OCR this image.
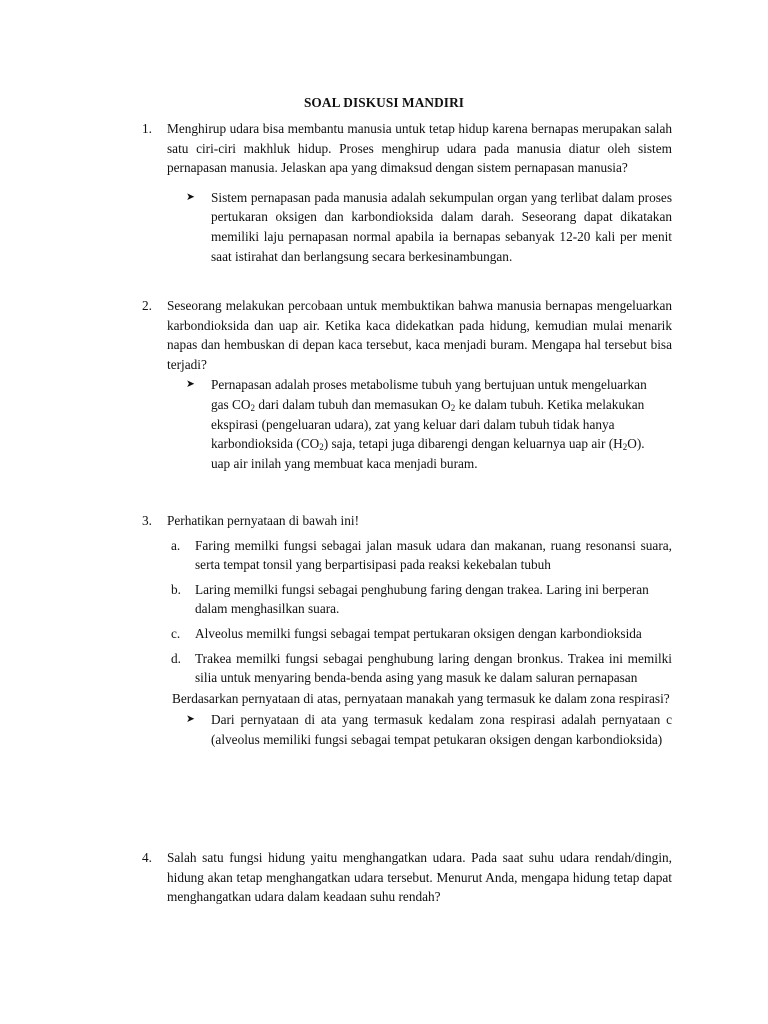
SOAL DISKUSI MANDIRI
1.	Menghirup udara bisa membantu manusia untuk tetap hidup karena bernapas merupakan salah satu ciri-ciri makhluk hidup. Proses menghirup udara pada manusia diatur oleh sistem pernapasan manusia. Jelaskan apa yang dimaksud dengan sistem pernapasan manusia?
➤ Sistem pernapasan pada manusia adalah sekumpulan organ yang terlibat dalam proses pertukaran oksigen dan karbondioksida dalam darah. Seseorang dapat dikatakan memiliki laju pernapasan normal apabila ia bernapas sebanyak 12-20 kali per menit saat istirahat dan berlangsung secara berkesinambungan.
2.	Seseorang melakukan percobaan untuk membuktikan bahwa manusia bernapas mengeluarkan karbondioksida dan uap air. Ketika kaca didekatkan pada hidung, kemudian mulai menarik napas dan hembuskan di depan kaca tersebut, kaca menjadi buram. Mengapa hal tersebut bisa terjadi?
➤ Pernapasan adalah proses metabolisme tubuh yang bertujuan untuk mengeluarkan gas $CO_2$ dari dalam tubuh dan memasukan $O_2$ ke dalam tubuh. Ketika melakukan ekspirasi (pengeluaran udara), zat yang keluar dari dalam tubuh tidak hanya karbondioksida $(CO_2)$ saja, tetapi juga dibarengi dengan keluarnya uap air $(H_2O)$. uap air inilah yang membuat kaca menjadi buram.
3.	Perhatikan pernyataan di bawah ini!
a. Faring memilki fungsi sebagai jalan masuk udara dan makanan, ruang resonansi suara, serta tempat tonsil yang berpartisipasi pada reaksi kekebalan tubuh
b. Laring memilki fungsi sebagai penghubung faring dengan trakea. Laring ini berperan dalam menghasilkan suara.
c. Alveolus memilki fungsi sebagai tempat pertukaran oksigen dengan karbondioksida
d. Trakea memilki fungsi sebagai penghubung laring dengan bronkus. Trakea ini memilki silia untuk menyaring benda-benda asing yang masuk ke dalam saluran pernapasan
Berdasarkan pernyataan di atas, pernyataan manakah yang termasuk ke dalam zona respirasi?
➤ Dari pernyataan di ata yang termasuk kedalam zona respirasi adalah pernyataan c (alveolus memiliki fungsi sebagai tempat petukaran oksigen dengan karbondioksida)
4.	Salah satu fungsi hidung yaitu menghangatkan udara. Pada saat suhu udara rendah/dingin, hidung akan tetap menghangatkan udara tersebut. Menurut Anda, mengapa hidung tetap dapat menghangatkan udara dalam keadaan suhu rendah?
